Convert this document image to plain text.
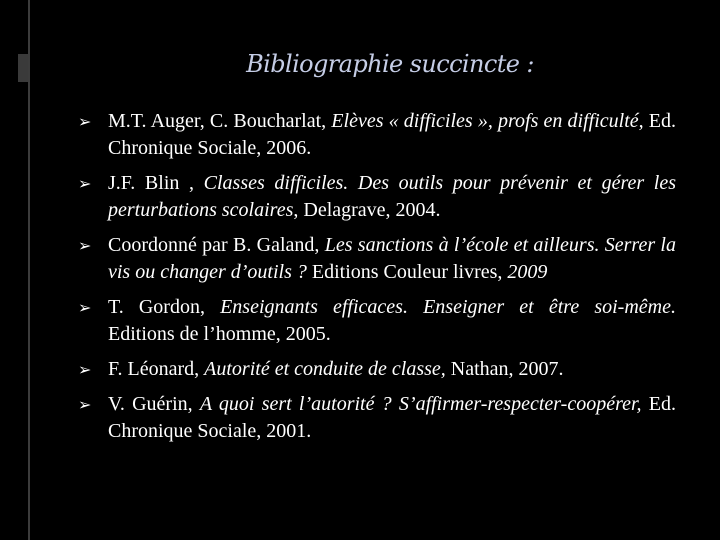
Bibliographie succincte :
➢ M.T. Auger, C. Boucharlat, Elèves « difficiles », profs en difficulté, Ed. Chronique Sociale, 2006.
➢ J.F. Blin , Classes difficiles. Des outils pour prévenir et gérer les perturbations scolaires, Delagrave, 2004.
➢ Coordonné par B. Galand, Les sanctions à l’école et ailleurs. Serrer la vis ou changer d’outils ? Editions Couleur livres, 2009
➢ T. Gordon, Enseignants efficaces. Enseigner et être soi-même. Editions de l’homme, 2005.
➢ F. Léonard, Autorité et conduite de classe, Nathan, 2007.
➢ V. Guérin, A quoi sert l’autorité ? S’affirmer-respecter-coopérer, Ed. Chronique Sociale, 2001.
